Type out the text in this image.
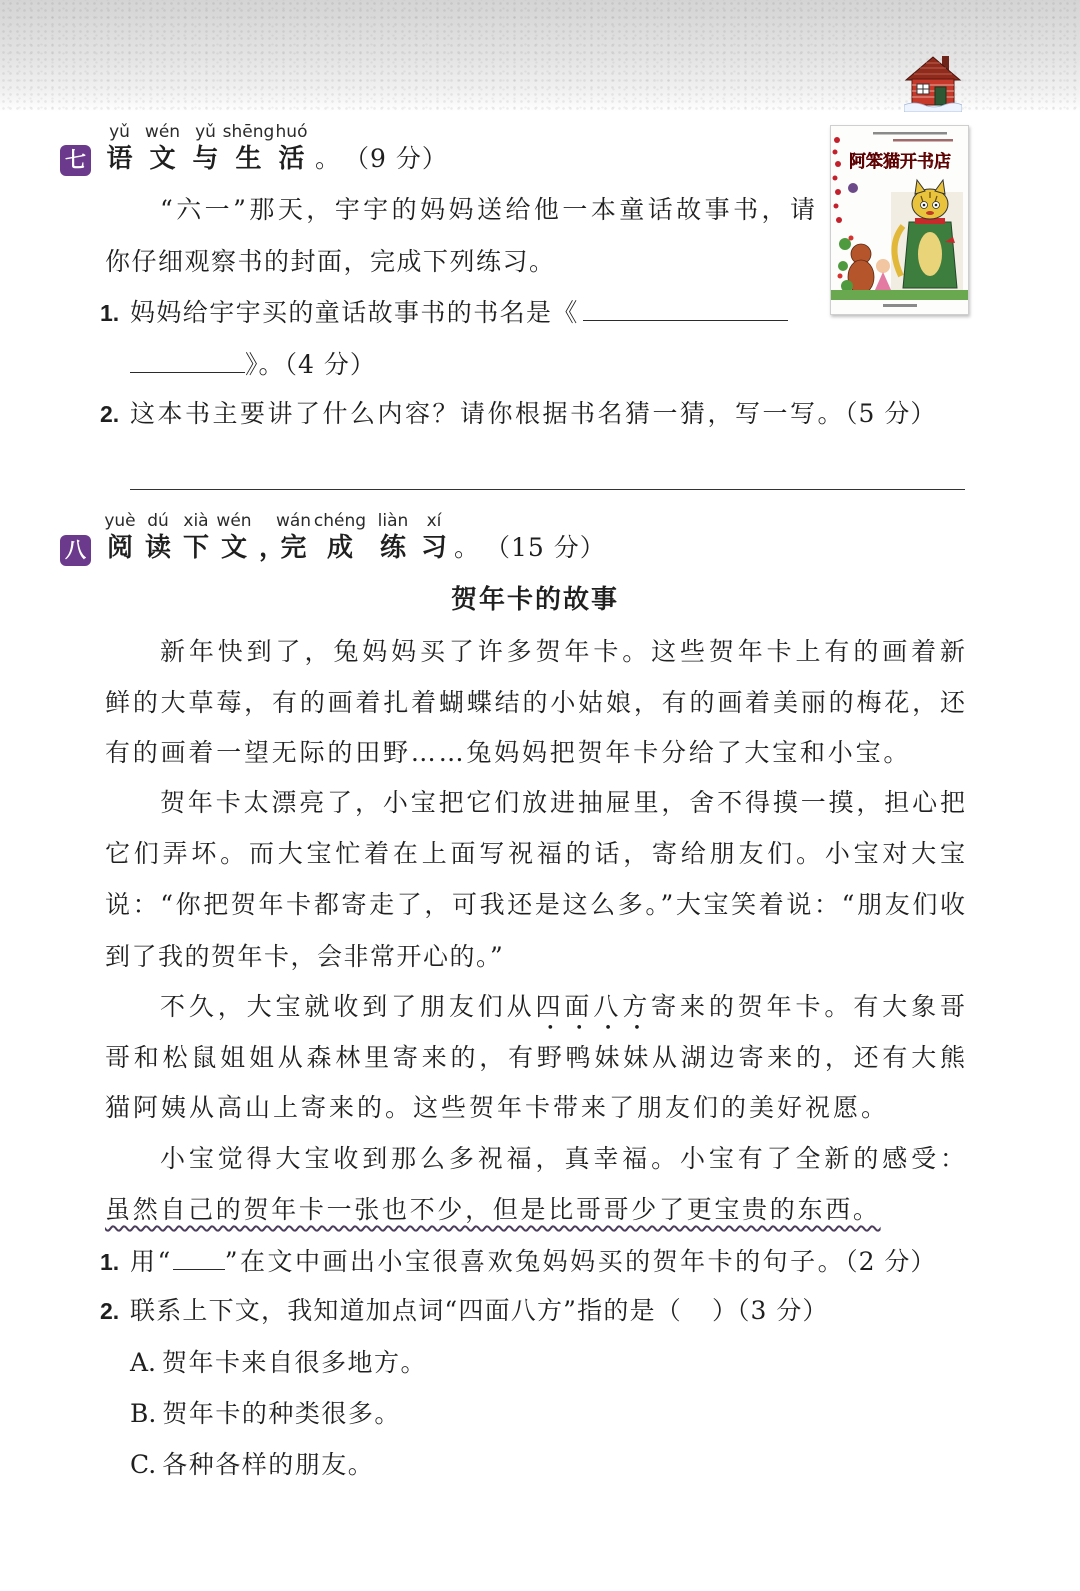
七
yǔ
语
wén
文
yǔ
与
shēng
生
huó
活 。 （9 分）
“六一”那天，宇宇的妈妈送给他一本童话故事书，请
你仔细观察书的封面，完成下列练习。
阿笨猫开书店
1. 妈妈给宇宇买的童话故事书的书名是《
》。（4 分）
2. 这本书主要讲了什么内容？请你根据书名猜一猜，写一写。（5 分）
八
yuè
阅
dú
读
xià
下
wén
文 ，
wán
完
chéng
成
liàn
练
xí
习 。 （15 分）
贺年卡的故事
新年快到了，兔妈妈买了许多贺年卡。这些贺年卡上有的画着新
鲜的大草莓，有的画着扎着蝴蝶结的小姑娘，有的画着美丽的梅花，还
有的画着一望无际的田野……兔妈妈把贺年卡分给了大宝和小宝。
贺年卡太漂亮了，小宝把它们放进抽屉里，舍不得摸一摸，担心把
它们弄坏。而大宝忙着在上面写祝福的话，寄给朋友们。小宝对大宝
说：“你把贺年卡都寄走了，可我还是这么多。”大宝笑着说：“朋友们收
到了我的贺年卡，会非常开心的。”
不久，大宝就收到了朋友们从四面八方寄来的贺年卡。有大象哥
哥和松鼠姐姐从森林里寄来的，有野鸭妹妹从湖边寄来的，还有大熊
猫阿姨从高山上寄来的。这些贺年卡带来了朋友们的美好祝愿。
小宝觉得大宝收到那么多祝福，真幸福。小宝有了全新的感受：
虽然自己的贺年卡一张也不少，但是比哥哥少了更宝贵的东西。
1. 用“ ”在文中画出小宝很喜欢兔妈妈买的贺年卡的句子。（2 分）
2. 联系上下文，我知道加点词“四面八方”指的是（ ）（3 分）
A. 贺年卡来自很多地方。
B. 贺年卡的种类很多。
C. 各种各样的朋友。
